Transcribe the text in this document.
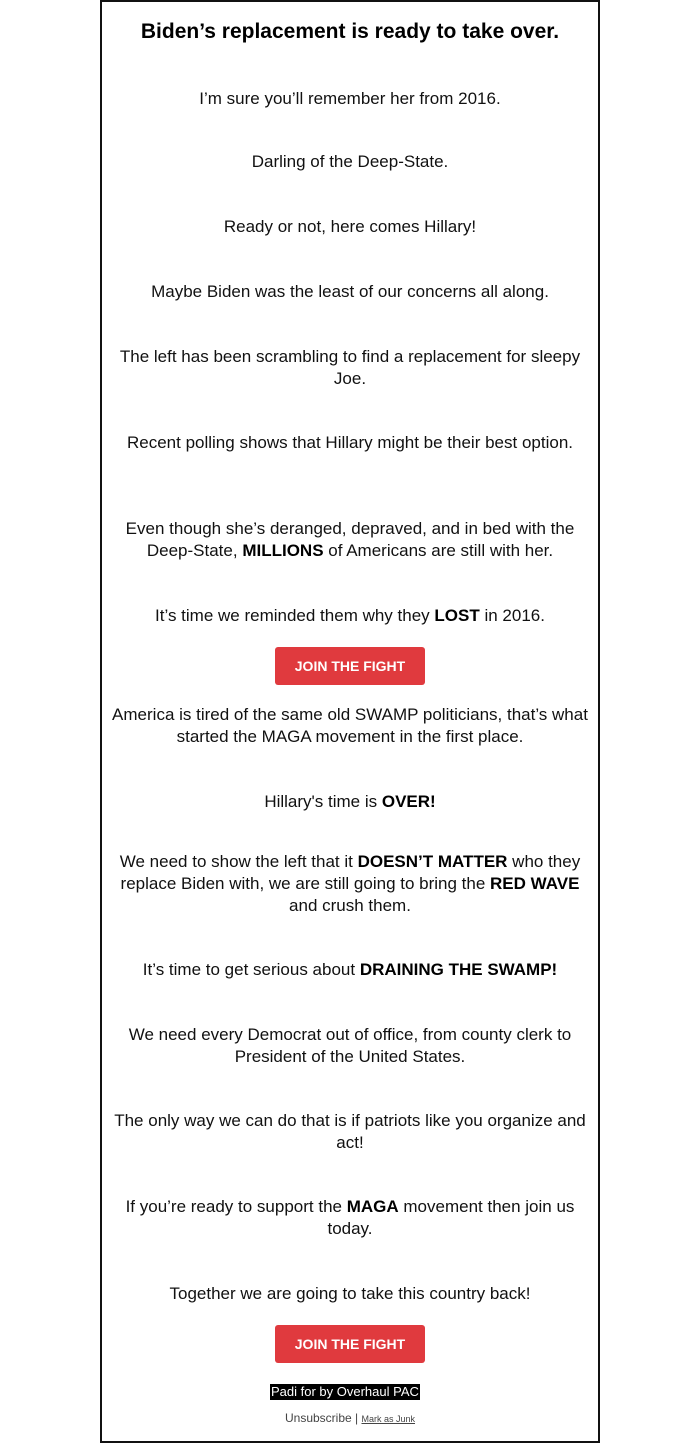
Biden’s replacement is ready to take over.

I’m sure you’ll remember her from 2016.

Darling of the Deep-State.

Ready or not, here comes Hillary!

Maybe Biden was the least of our concerns all along.

The left has been scrambling to find a replacement for sleepy Joe.

Recent polling shows that Hillary might be their best option.

Even though she’s deranged, depraved, and in bed with the Deep-State, MILLIONS of Americans are still with her.

It’s time we reminded them why they LOST in 2016.

JOIN THE FIGHT

America is tired of the same old SWAMP politicians, that’s what started the MAGA movement in the first place.

Hillary's time is OVER!

We need to show the left that it DOESN’T MATTER who they replace Biden with, we are still going to bring the RED WAVE and crush them.

It’s time to get serious about DRAINING THE SWAMP!

We need every Democrat out of office, from county clerk to President of the United States.

The only way we can do that is if patriots like you organize and act!

If you’re ready to support the MAGA movement then join us today.

Together we are going to take this country back!

JOIN THE FIGHT
Padi for by Overhaul PAC
Unsubscribe | Mark as Junk
